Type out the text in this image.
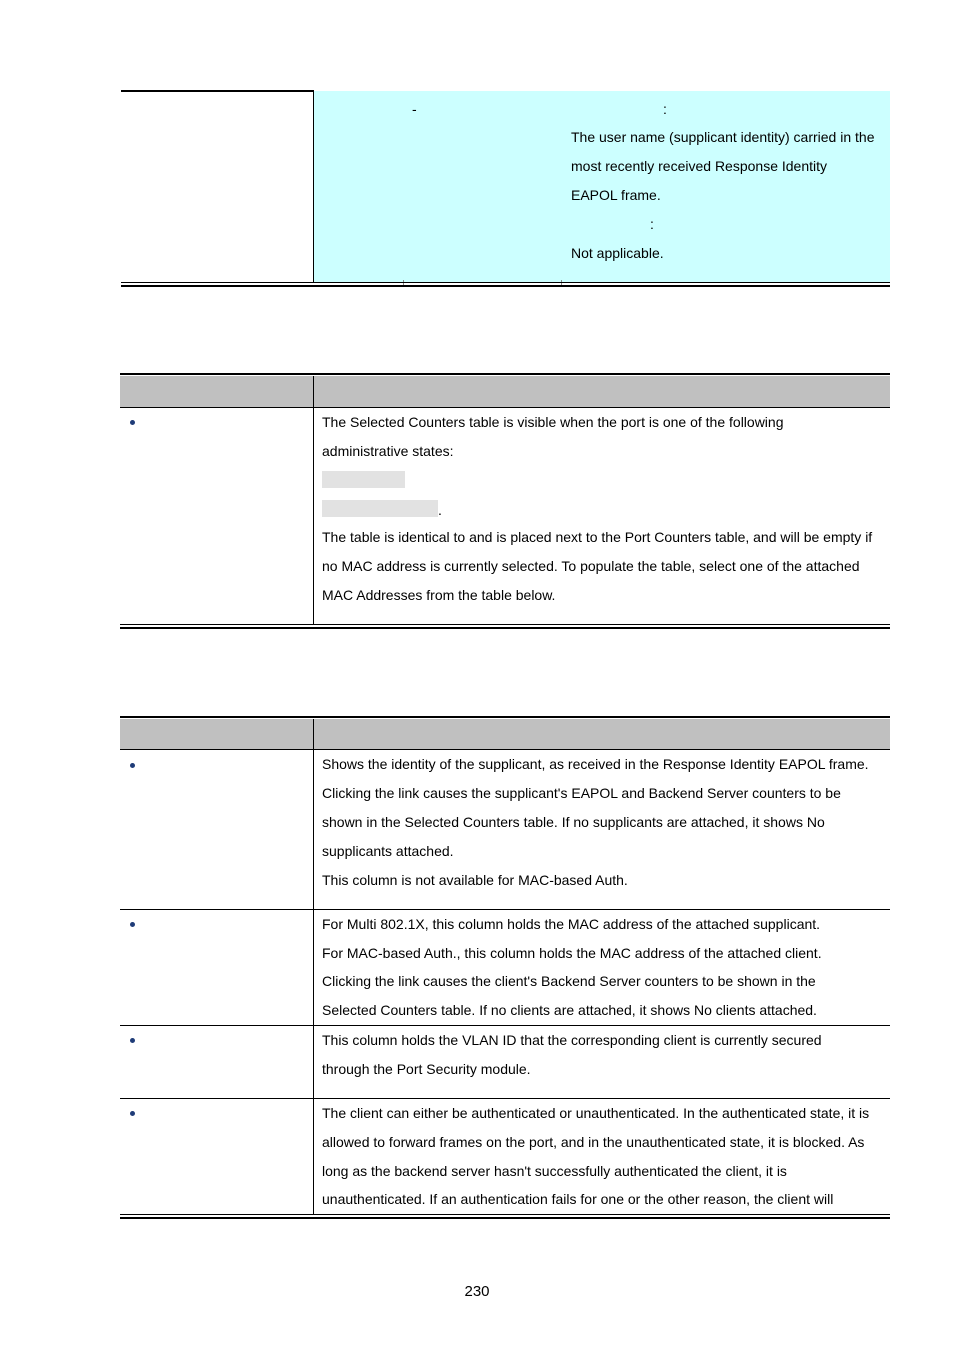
-	:
The user name (supplicant identity) carried in the
most recently received Response Identity
EAPOL frame.
:
Not applicable.
The Selected Counters table is visible when the port is one of the following
administrative states:
.
The table is identical to and is placed next to the Port Counters table, and will be empty if
no MAC address is currently selected. To populate the table, select one of the attached
MAC Addresses from the table below.
Shows the identity of the supplicant, as received in the Response Identity EAPOL frame.
Clicking the link causes the supplicant's EAPOL and Backend Server counters to be
shown in the Selected Counters table. If no supplicants are attached, it shows No
supplicants attached.
This column is not available for MAC-based Auth.
For Multi 802.1X, this column holds the MAC address of the attached supplicant.
For MAC-based Auth., this column holds the MAC address of the attached client.
Clicking the link causes the client's Backend Server counters to be shown in the
Selected Counters table. If no clients are attached, it shows No clients attached.
This column holds the VLAN ID that the corresponding client is currently secured
through the Port Security module.
The client can either be authenticated or unauthenticated. In the authenticated state, it is
allowed to forward frames on the port, and in the unauthenticated state, it is blocked. As
long as the backend server hasn't successfully authenticated the client, it is
unauthenticated. If an authentication fails for one or the other reason, the client will
230
